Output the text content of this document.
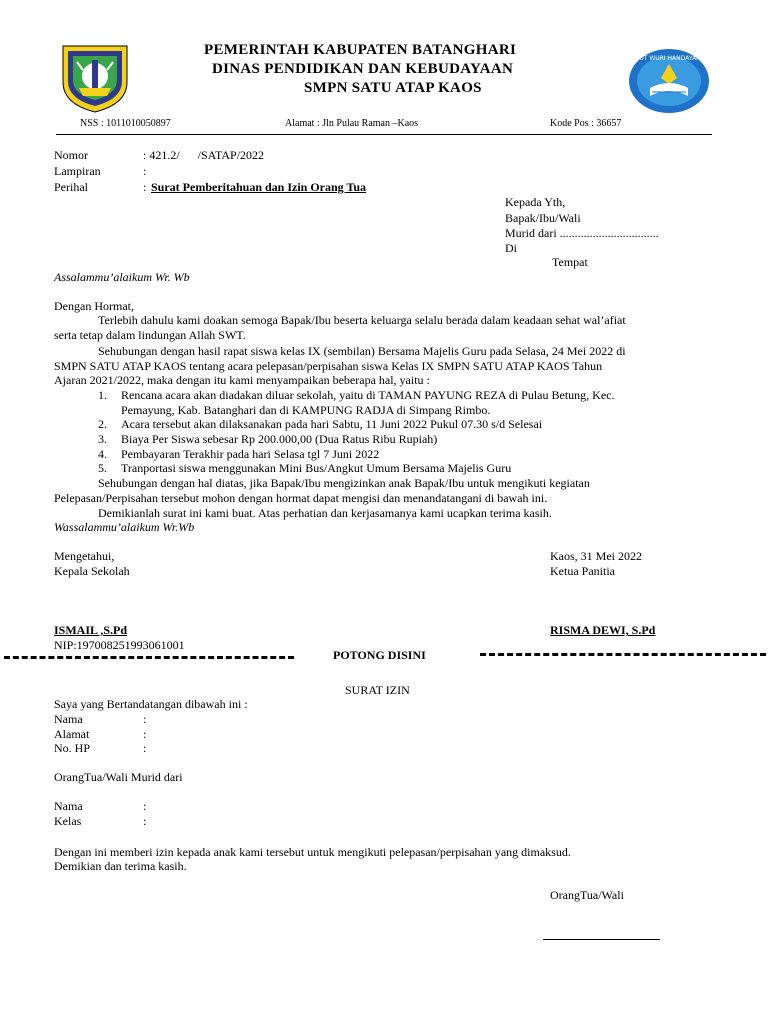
PEMERINTAH KABUPATEN BATANGHARI
DINAS PENDIDIKAN DAN KEBUDAYAAN
SMPN SATU ATAP KAOS
TUT WURI HANDAYANI
NSS : 1011010050897	Alamat : Jln Pulau Raman –Kaos	Kode Pos : 36657
Nomor	: 421.2/      /SATAP/2022
Lampiran	:
Perihal	: Surat Pemberitahuan dan Izin Orang Tua
Kepada Yth,
Bapak/Ibu/Wali
Murid dari .................................
Di
Tempat
Assalammu’alaikum Wr. Wb
Dengan Hormat,
Terlebih dahulu kami doakan semoga Bapak/Ibu beserta keluarga selalu berada dalam keadaan sehat wal’afiat
serta tetap dalam lindungan Allah SWT.
Sehubungan dengan hasil rapat siswa kelas IX (sembilan) Bersama Majelis Guru pada Selasa, 24 Mei 2022 di
SMPN SATU ATAP KAOS tentang acara pelepasan/perpisahan siswa Kelas IX SMPN SATU ATAP KAOS Tahun
Ajaran 2021/2022, maka dengan itu kami menyampaikan beberapa hal, yaitu :
1. Rencana acara akan diadakan diluar sekolah, yaitu di TAMAN PAYUNG REZA di Pulau Betung, Kec.
Pemayung, Kab. Batanghari dan di KAMPUNG RADJA di Simpang Rimbo.
2. Acara tersebut akan dilaksanakan pada hari Sabtu, 11 Juni 2022 Pukul 07.30 s/d Selesai
3. Biaya Per Siswa sebesar Rp 200.000,00 (Dua Ratus Ribu Rupiah)
4. Pembayaran Terakhir pada hari Selasa tgl 7 Juni 2022
5. Tranportasi siswa menggunakan Mini Bus/Angkut Umum Bersama Majelis Guru
Sehubungan dengan hal diatas, jika Bapak/Ibu mengizinkan anak Bapak/Ibu untuk mengikuti kegiatan
Pelepasan/Perpisahan tersebut mohon dengan hormat dapat mengisi dan menandatangani di bawah ini.
Demikianlah surat ini kami buat. Atas perhatian dan kerjasamanya kami ucapkan terima kasih.
Wassalammu’alaikum Wr.Wb
Mengetahui,
Kepala Sekolah
Kaos, 31 Mei 2022
Ketua Panitia
ISMAIL ,S.Pd
NIP:197008251993061001
RISMA DEWI, S.Pd
POTONG DISINI
SURAT IZIN
Saya yang Bertandatangan dibawah ini :
Nama	:
Alamat	:
No. HP	:
OrangTua/Wali Murid dari
Nama	:
Kelas	:
Dengan ini memberi izin kepada anak kami tersebut untuk mengikuti pelepasan/perpisahan yang dimaksud.
Demikian dan terima kasih.
OrangTua/Wali
